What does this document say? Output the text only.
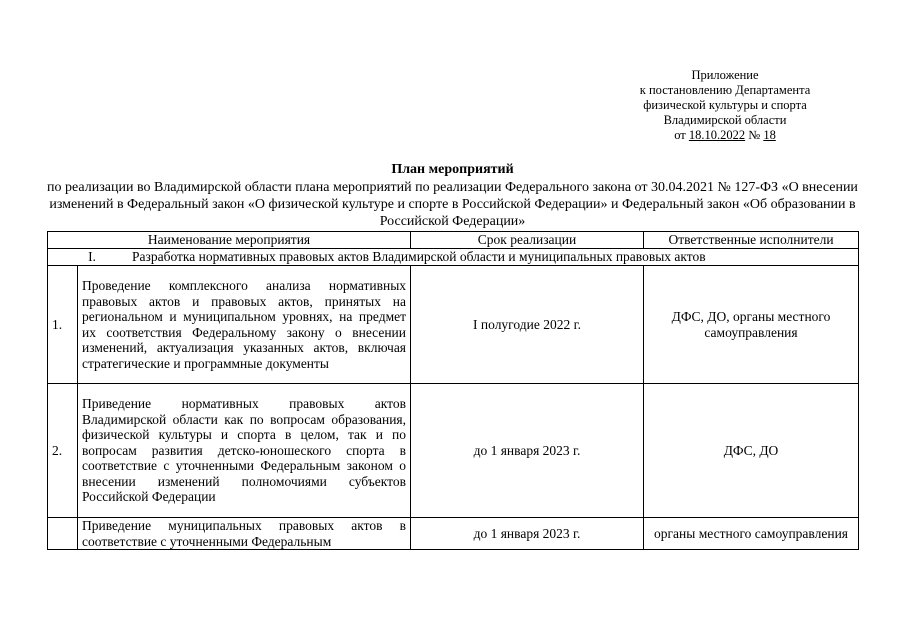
Приложение
к постановлению Департамента
физической культуры и спорта
Владимирской области
от 18.10.2022 № 18
План мероприятий
по реализации во Владимирской области плана мероприятий по реализации Федерального закона от 30.04.2021 № 127-ФЗ «О внесении изменений в Федеральный закон «О физической культуре и спорте в Российской Федерации» и Федеральный закон «Об образовании в Российской Федерации»
Наименование мероприятия		Срок реализации	Ответственные исполнители
I. Разработка нормативных правовых актов Владимирской области и муниципальных правовых актов			
1.	Проведение комплексного анализа нормативных правовых актов и правовых актов, принятых на региональном и муниципальном уровнях, на предмет их соответствия Федеральному закону о внесении изменений, актуализация указанных актов, включая стратегические и программные документы	I полугодие 2022 г.	ДФС, ДО, органы местного самоуправления
2.	Приведение нормативных правовых актов Владимирской области как по вопросам образования, физической культуры и спорта в целом, так и по вопросам развития детско-юношеского спорта в соответствие с уточненными Федеральным законом о внесении изменений полномочиями субъектов Российской Федерации	до 1 января 2023 г.	ДФС, ДО
	Приведение муниципальных правовых актов в соответствие с уточненными Федеральным	до 1 января 2023 г.	органы местного самоуправления
